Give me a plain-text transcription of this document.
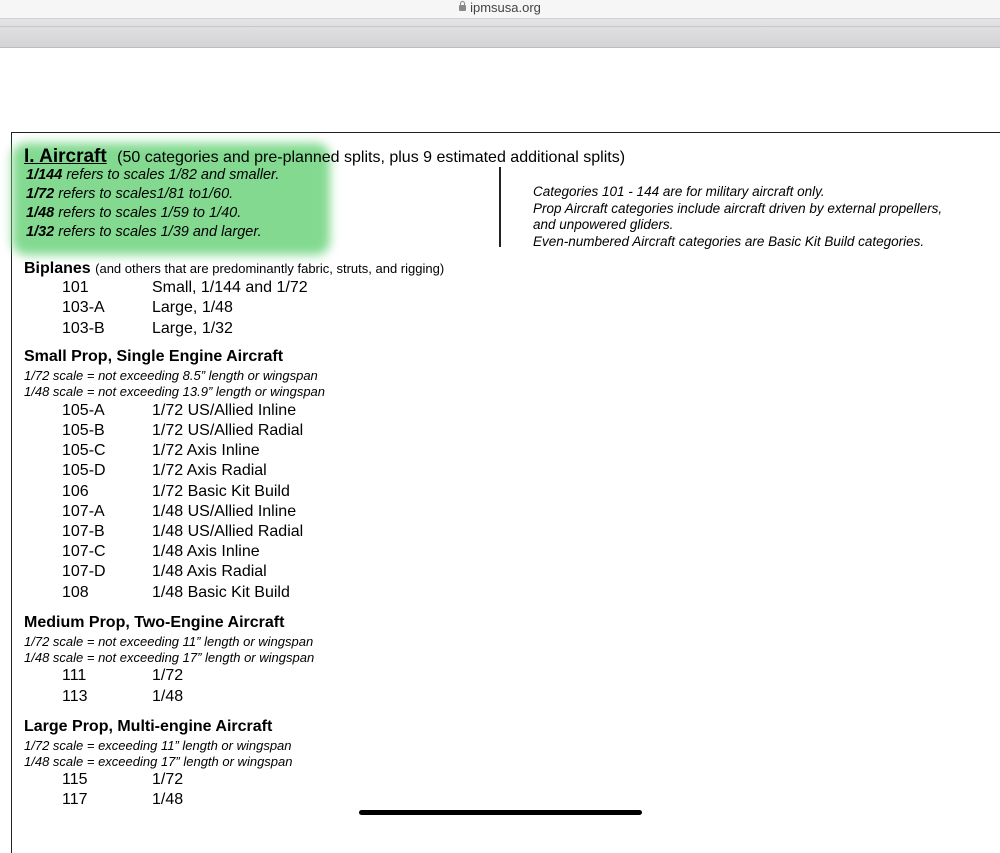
ipmsusa.org
I. Aircraft (50 categories and pre-planned splits, plus 9 estimated additional splits)
1/144 refers to scales 1/82 and smaller.
1/72 refers to scales1/81 to1/60.
1/48 refers to scales 1/59 to 1/40.
1/32 refers to scales 1/39 and larger.
Categories 101 - 144 are for military aircraft only.
Prop Aircraft categories include aircraft driven by external propellers,
and unpowered gliders.
Even-numbered Aircraft categories are Basic Kit Build categories.
Biplanes (and others that are predominantly fabric, struts, and rigging)
101	Small, 1/144 and 1/72
103-A	Large, 1/48
103-B	Large, 1/32
Small Prop, Single Engine Aircraft
1/72 scale = not exceeding 8.5” length or wingspan
1/48 scale = not exceeding 13.9” length or wingspan
105-A	1/72 US/Allied Inline
105-B	1/72 US/Allied Radial
105-C	1/72 Axis Inline
105-D	1/72 Axis Radial
106	1/72 Basic Kit Build
107-A	1/48 US/Allied Inline
107-B	1/48 US/Allied Radial
107-C	1/48 Axis Inline
107-D	1/48 Axis Radial
108	1/48 Basic Kit Build
Medium Prop, Two-Engine Aircraft
1/72 scale = not exceeding 11” length or wingspan
1/48 scale = not exceeding 17” length or wingspan
111	1/72
113	1/48
Large Prop, Multi-engine Aircraft
1/72 scale = exceeding 11” length or wingspan
1/48 scale = exceeding 17” length or wingspan
115	1/72
117	1/48
